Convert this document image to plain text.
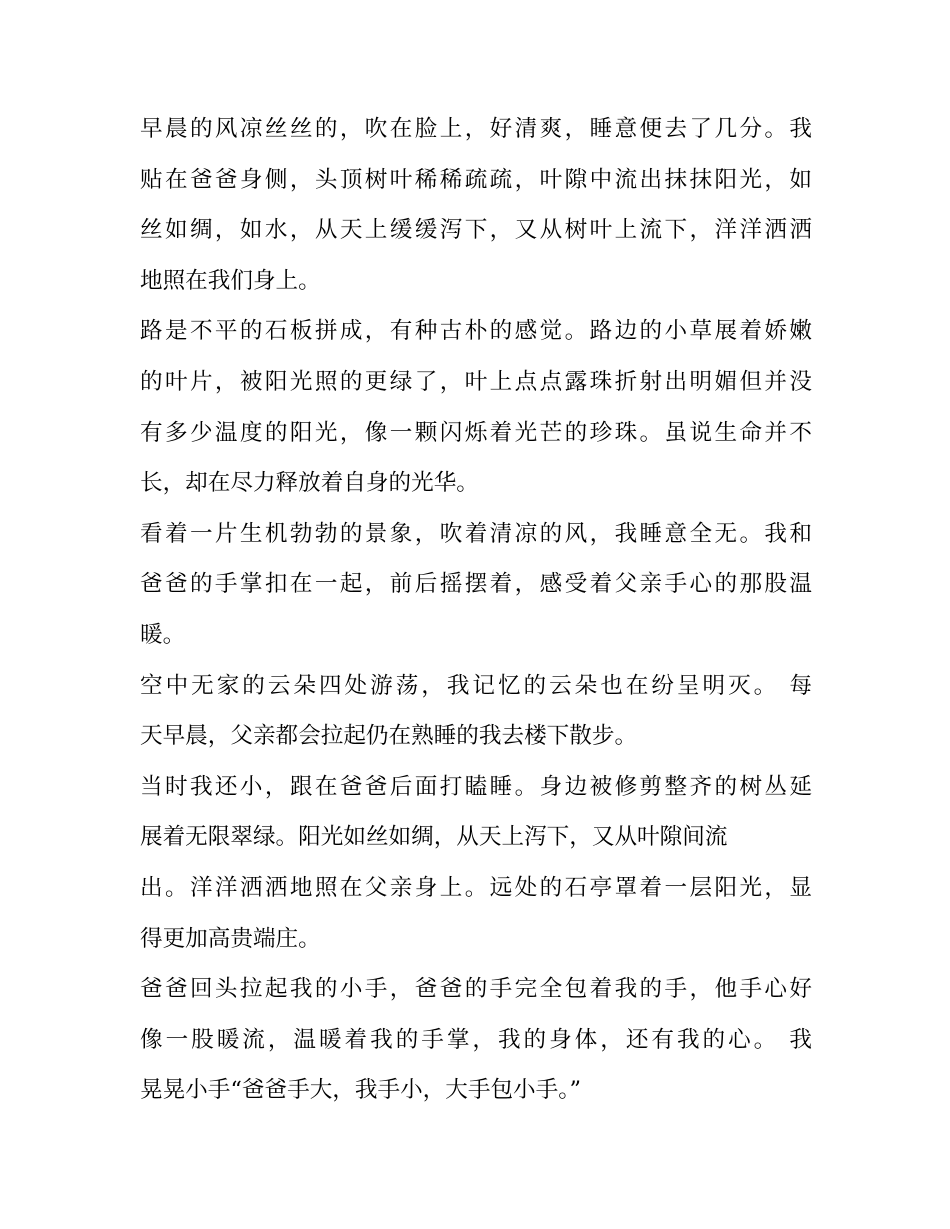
早晨的风凉丝丝的，吹在脸上，好清爽，睡意便去了几分。我
贴在爸爸身侧，头顶树叶稀稀疏疏，叶隙中流出抹抹阳光，如
丝如绸，如水，从天上缓缓泻下，又从树叶上流下，洋洋洒洒
地照在我们身上。
路是不平的石板拼成，有种古朴的感觉。路边的小草展着娇嫩
的叶片，被阳光照的更绿了，叶上点点露珠折射出明媚但并没
有多少温度的阳光，像一颗闪烁着光芒的珍珠。虽说生命并不
长，却在尽力释放着自身的光华。
看着一片生机勃勃的景象，吹着清凉的风，我睡意全无。我和
爸爸的手掌扣在一起，前后摇摆着，感受着父亲手心的那股温
暖。
空中无家的云朵四处游荡，我记忆的云朵也在纷呈明灭。 每
天早晨，父亲都会拉起仍在熟睡的我去楼下散步。
当时我还小，跟在爸爸后面打瞌睡。身边被修剪整齐的树丛延
展着无限翠绿。阳光如丝如绸，从天上泻下，又从叶隙间流
出。洋洋洒洒地照在父亲身上。远处的石亭罩着一层阳光，显
得更加高贵端庄。
爸爸回头拉起我的小手，爸爸的手完全包着我的手，他手心好
像一股暖流，温暖着我的手掌，我的身体，还有我的心。 我
晃晃小手“爸爸手大，我手小，大手包小手。”
